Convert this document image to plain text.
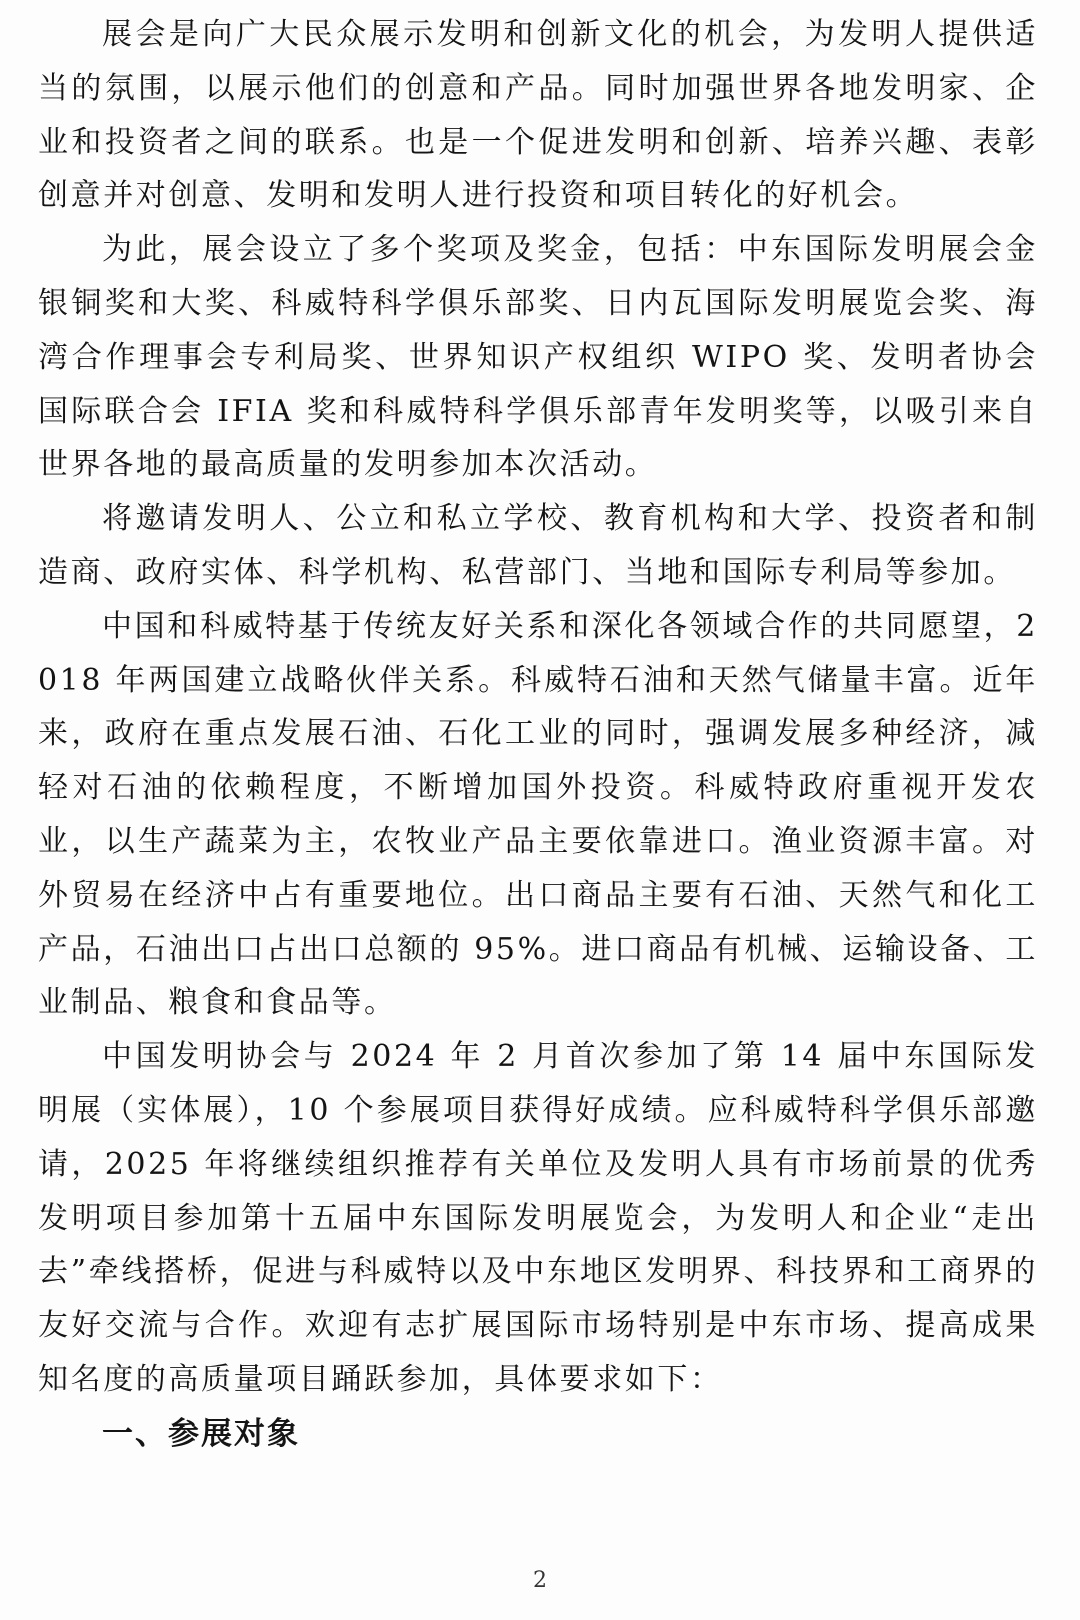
展会是向广大民众展示发明和创新文化的机会，为发明人提供适当的氛围，以展示他们的创意和产品。同时加强世界各地发明家、企业和投资者之间的联系。也是一个促进发明和创新、培养兴趣、表彰创意并对创意、发明和发明人进行投资和项目转化的好机会。

为此，展会设立了多个奖项及奖金，包括：中东国际发明展会金银铜奖和大奖、科威特科学俱乐部奖、日内瓦国际发明展览会奖、海湾合作理事会专利局奖、世界知识产权组织 WIPO 奖、发明者协会国际联合会 IFIA 奖和科威特科学俱乐部青年发明奖等，以吸引来自世界各地的最高质量的发明参加本次活动。

将邀请发明人、公立和私立学校、教育机构和大学、投资者和制造商、政府实体、科学机构、私营部门、当地和国际专利局等参加。

中国和科威特基于传统友好关系和深化各领域合作的共同愿望，2018 年两国建立战略伙伴关系。科威特石油和天然气储量丰富。近年来，政府在重点发展石油、石化工业的同时，强调发展多种经济，减轻对石油的依赖程度，不断增加国外投资。科威特政府重视开发农业，以生产蔬菜为主，农牧业产品主要依靠进口。渔业资源丰富。对外贸易在经济中占有重要地位。出口商品主要有石油、天然气和化工产品，石油出口占出口总额的 95%。进口商品有机械、运输设备、工业制品、粮食和食品等。

中国发明协会与 2024 年 2 月首次参加了第 14 届中东国际发明展（实体展），10 个参展项目获得好成绩。应科威特科学俱乐部邀请，2025 年将继续组织推荐有关单位及发明人具有市场前景的优秀发明项目参加第十五届中东国际发明展览会，为发明人和企业“走出去”牵线搭桥，促进与科威特以及中东地区发明界、科技界和工商界的友好交流与合作。欢迎有志扩展国际市场特别是中东市场、提高成果知名度的高质量项目踊跃参加，具体要求如下：

一、参展对象

2
